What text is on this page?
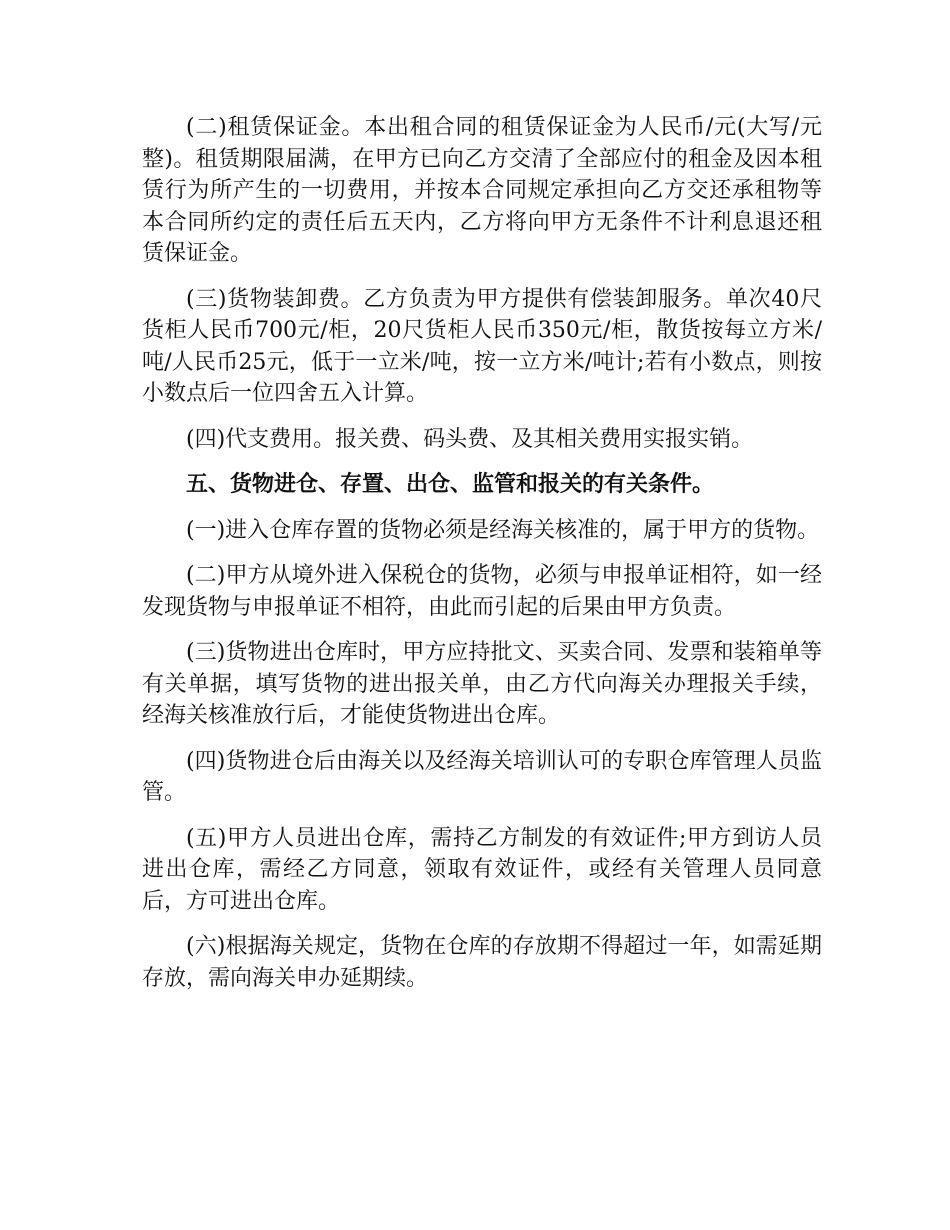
(二)租赁保证金。本出租合同的租赁保证金为人民币/元(大写/元整)。租赁期限届满，在甲方已向乙方交清了全部应付的租金及因本租赁行为所产生的一切费用，并按本合同规定承担向乙方交还承租物等本合同所约定的责任后五天内，乙方将向甲方无条件不计利息退还租赁保证金。

(三)货物装卸费。乙方负责为甲方提供有偿装卸服务。单次40尺货柜人民币700元/柜，20尺货柜人民币350元/柜，散货按每立方米/吨/人民币25元，低于一立米/吨，按一立方米/吨计;若有小数点，则按小数点后一位四舍五入计算。

(四)代支费用。报关费、码头费、及其相关费用实报实销。

五、货物进仓、存置、出仓、监管和报关的有关条件。

(一)进入仓库存置的货物必须是经海关核准的，属于甲方的货物。

(二)甲方从境外进入保税仓的货物，必须与申报单证相符，如一经发现货物与申报单证不相符，由此而引起的后果由甲方负责。

(三)货物进出仓库时，甲方应持批文、买卖合同、发票和装箱单等有关单据，填写货物的进出报关单，由乙方代向海关办理报关手续，经海关核准放行后，才能使货物进出仓库。

(四)货物进仓后由海关以及经海关培训认可的专职仓库管理人员监管。

(五)甲方人员进出仓库，需持乙方制发的有效证件;甲方到访人员进出仓库，需经乙方同意，领取有效证件，或经有关管理人员同意后，方可进出仓库。

(六)根据海关规定，货物在仓库的存放期不得超过一年，如需延期存放，需向海关申办延期续。
